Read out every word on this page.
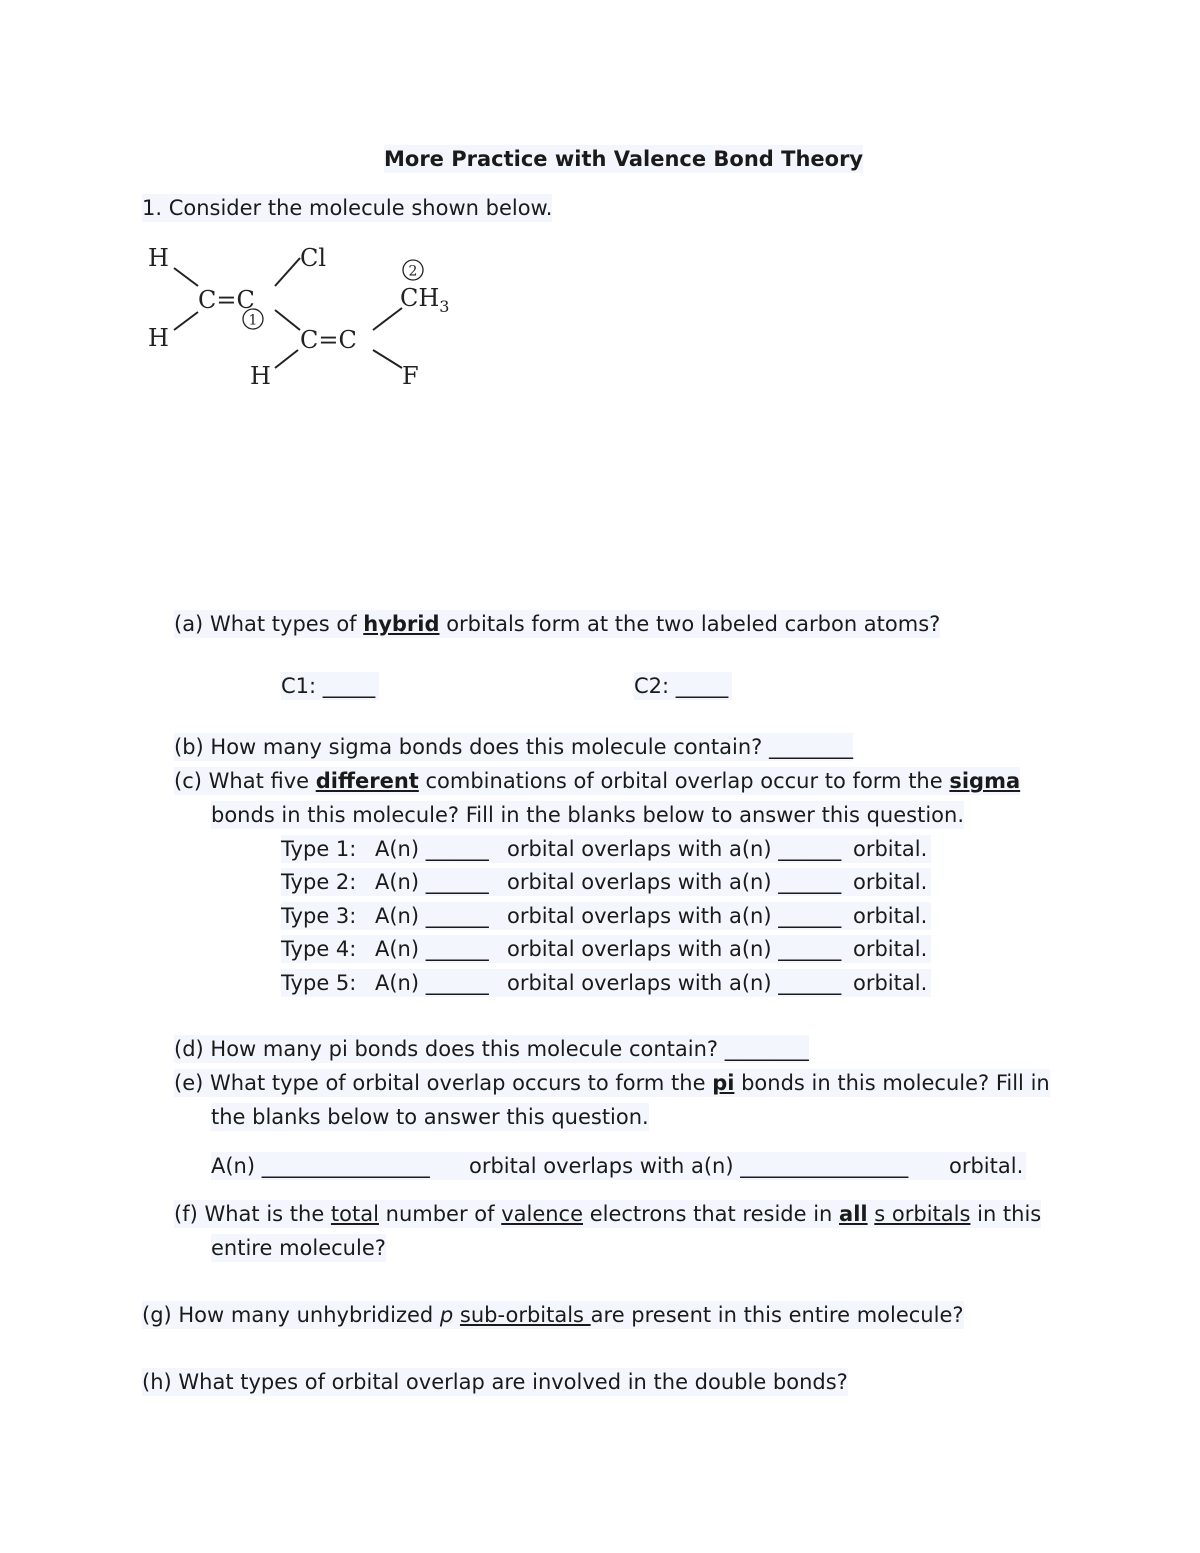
More Practice with Valence Bond Theory
1. Consider the molecule shown below.
H
H
C=C
Cl
1
C=C
H
2
$CH_3$
F
(a) What types of hybrid orbitals form at the two labeled carbon atoms?
C1: _____	C2: _____
(b) How many sigma bonds does this molecule contain? ________
(c) What five different combinations of orbital overlap occur to form the sigma
bonds in this molecule? Fill in the blanks below to answer this question.
Type 1: A(n) ______ orbital overlaps with a(n) ______ orbital.
Type 2: A(n) ______ orbital overlaps with a(n) ______ orbital.
Type 3: A(n) ______ orbital overlaps with a(n) ______ orbital.
Type 4: A(n) ______ orbital overlaps with a(n) ______ orbital.
Type 5: A(n) ______ orbital overlaps with a(n) ______ orbital.
(d) How many pi bonds does this molecule contain? ________
(e) What type of orbital overlap occurs to form the pi bonds in this molecule? Fill in
the blanks below to answer this question.
A(n) ________________ orbital overlaps with a(n) ________________ orbital.
(f) What is the total number of valence electrons that reside in all s orbitals in this
entire molecule?
(g) How many unhybridized p sub-orbitals are present in this entire molecule?
(h) What types of orbital overlap are involved in the double bonds?
